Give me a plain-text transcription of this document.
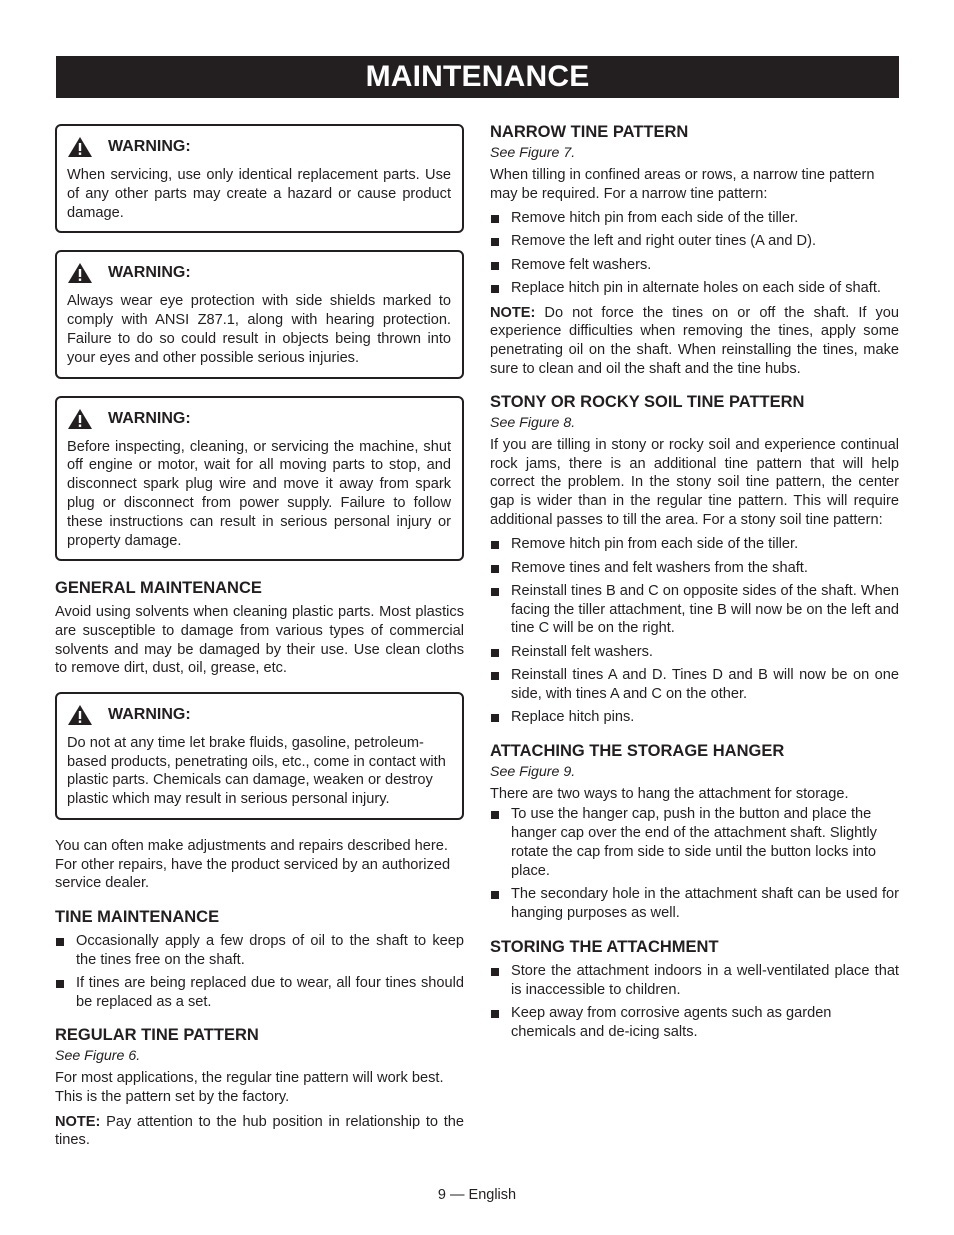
MAINTENANCE
WARNING:

When servicing, use only identical replacement parts. Use of any other parts may create a hazard or cause product damage.

WARNING:

Always wear eye protection with side shields marked to comply with ANSI Z87.1, along with hearing protection. Failure to do so could result in objects being thrown into your eyes and other possible serious injuries.

WARNING:

Before inspecting, cleaning, or servicing the machine, shut off engine or motor, wait for all moving parts to stop, and disconnect spark plug wire and move it away from spark plug or disconnect from power supply. Failure to follow these instructions can result in serious personal injury or property damage.

GENERAL MAINTENANCE

Avoid using solvents when cleaning plastic parts. Most plastics are susceptible to damage from various types of commercial solvents and may be damaged by their use. Use clean cloths to remove dirt, dust, oil, grease, etc.

WARNING:

Do not at any time let brake fluids, gasoline, petroleum-based products, penetrating oils, etc., come in contact with plastic parts. Chemicals can damage, weaken or destroy plastic which may result in serious personal injury.

You can often make adjustments and repairs described here. For other repairs, have the product serviced by an authorized service dealer.

TINE MAINTENANCE
Occasionally apply a few drops of oil to the shaft to keep the tines free on the shaft.
If tines are being replaced due to wear, all four tines should be replaced as a set.
REGULAR TINE PATTERN

See Figure 6.

For most applications, the regular tine pattern will work best. This is the pattern set by the factory.

NOTE: Pay attention to the hub position in relationship to the tines.

NARROW TINE PATTERN

See Figure 7.

When tilling in confined areas or rows, a narrow tine pattern may be required. For a narrow tine pattern:

Remove hitch pin from each side of the tiller.
Remove the left and right outer tines (A and D).
Remove felt washers.
Replace hitch pin in alternate holes on each side of shaft.

NOTE: Do not force the tines on or off the shaft. If you experience difficulties when removing the tines, apply some penetrating oil on the shaft. When reinstalling the tines, make sure to clean and oil the shaft and the tine hubs.

STONY OR ROCKY SOIL TINE PATTERN

See Figure 8.

If you are tilling in stony or rocky soil and experience continual rock jams, there is an additional tine pattern that will help correct the problem. In the stony soil tine pattern, the center gap is wider than in the regular tine pattern. This will require additional passes to till the area. For a stony soil tine pattern:

Remove hitch pin from each side of the tiller.
Remove tines and felt washers from the shaft.
Reinstall tines B and C on opposite sides of the shaft. When facing the tiller attachment, tine B will now be on the left and tine C will be on the right.
Reinstall felt washers.
Reinstall tines A and D. Tines D and B will now be on one side, with tines A and C on the other.
Replace hitch pins.
ATTACHING THE STORAGE HANGER

See Figure 9.

There are two ways to hang the attachment for storage.

To use the hanger cap, push in the button and place the hanger cap over the end of the attachment shaft. Slightly rotate the cap from side to side until the button locks into place.
The secondary hole in the attachment shaft can be used for hanging purposes as well.
STORING THE ATTACHMENT
Store the attachment indoors in a well-ventilated place that is inaccessible to children.
Keep away from corrosive agents such as garden chemicals and de-icing salts.
9 — English
